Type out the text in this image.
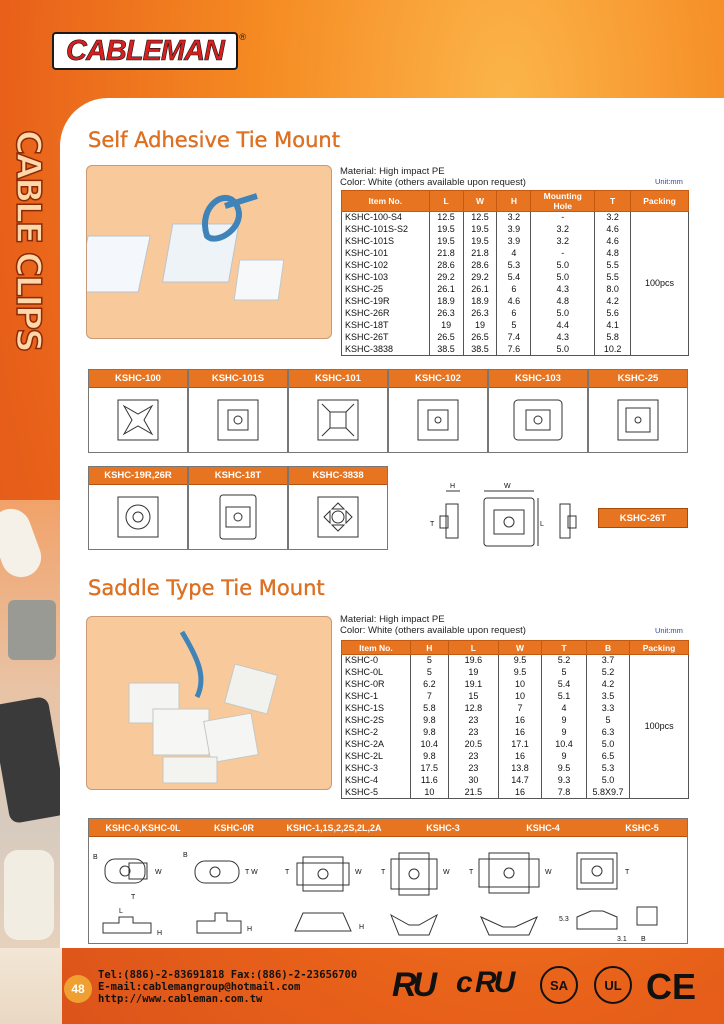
CABLEMAN ®
CABLE CLIPS Self Adhesive Tie Mount
Material: High impact PE
Color: White (others available upon request)	Unit:mm
Item No.	L	W	H	Mounting Hole	T	Packing
KSHC-100-S4	12.5	12.5	3.2	-	3.2	100pcs
KSHC-101S-S2	19.5	19.5	3.9	3.2	4.6	
KSHC-101S	19.5	19.5	3.9	3.2	4.6	
KSHC-101	21.8	21.8	4	-	4.8	
KSHC-102	28.6	28.6	5.3	5.0	5.5	
KSHC-103	29.2	29.2	5.4	5.0	5.5	
KSHC-25	26.1	26.1	6	4.3	8.0	
KSHC-19R	18.9	18.9	4.6	4.8	4.2	
KSHC-26R	26.3	26.3	6	5.0	5.6	
KSHC-18T	19	19	5	4.4	4.1	
KSHC-26T	26.5	26.5	7.4	4.3	5.8	
KSHC-3838	38.5	38.5	7.6	5.0	10.2	
KSHC-100	KSHC-101S	KSHC-101	KSHC-102	KSHC-103	KSHC-25
KSHC-19R,26R	KSHC-18T	KSHC-3838
H
T
W
L
KSHC-26T
Saddle Type Tie Mount
Material: High impact PE
Color: White (others available upon request)	Unit:mm
Item No.	H	L	W	T	B	Packing
KSHC-0	5	19.6	9.5	5.2	3.7	100pcs
KSHC-0L	5	19	9.5	5	5.2	
KSHC-0R	6.2	19.1	10	5.4	4.2	
KSHC-1	7	15	10	5.1	3.5	
KSHC-1S	5.8	12.8	7	4	3.3	
KSHC-2S	9.8	23	16	9	5	
KSHC-2	9.8	23	16	9	6.3	
KSHC-2A	10.4	20.5	17.1	10.4	5.0	
KSHC-2L	9.8	23	16	9	6.5	
KSHC-3	17.5	23	13.8	9.5	5.3	
KSHC-4	11.6	30	14.7	9.3	5.0	
KSHC-5	10	21.5	16	7.8	5.8X9.7	
KSHC-0,KSHC-0L	KSHC-0R	KSHC-1,1S,2,2S,2L,2A	KSHC-3	KSHC-4	KSHC-5
B
W
T
L
H
B
T W
H
T	W
H
T	W	T	W	T
5.3
B
3.1
48
Tel:(886)-2-83691818 Fax:(886)-2-23656700
E-mail:cablemangroup@hotmail.com
http://www.cableman.com.tw	RU c RU	SA	UL CE
